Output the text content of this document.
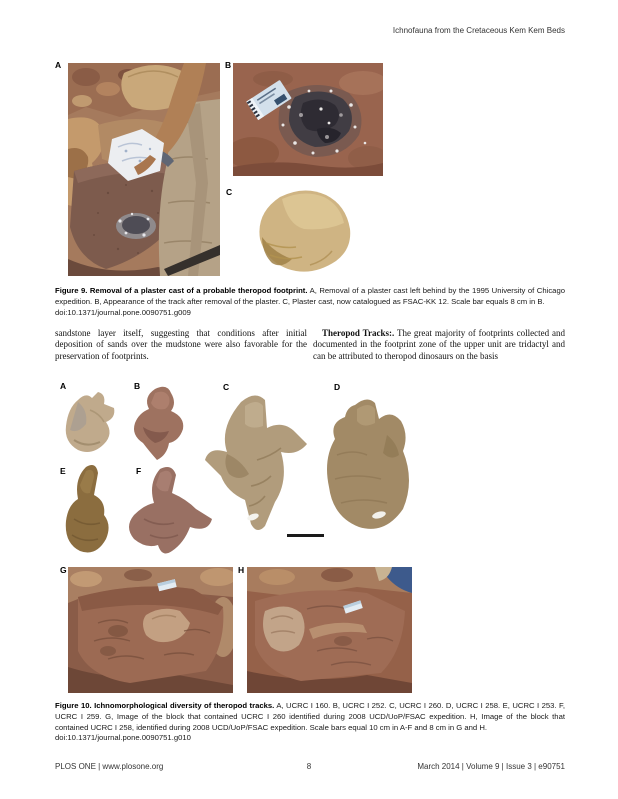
Ichnofauna from the Cretaceous Kem Kem Beds
A	B
C
Figure 9. Removal of a plaster cast of a probable theropod footprint. A, Removal of a plaster cast left behind by the 1995 University of Chicago expedition. B, Appearance of the track after removal of the plaster. C, Plaster cast, now catalogued as FSAC-KK 12. Scale bar equals 8 cm in B.
doi:10.1371/journal.pone.0090751.g009

sandstone layer itself, suggesting that conditions after initial deposition of sands over the mudstone were also favorable for the preservation of footprints.

Theropod Tracks:. The great majority of footprints collected and documented in the footprint zone of the upper unit are tridactyl and can be attributed to theropod dinosaurs on the basis

A	B	C	D
E	F
G	H
Figure 10. Ichnomorphological diversity of theropod tracks. A, UCRC I 160. B, UCRC I 252. C, UCRC I 260. D, UCRC I 258. E, UCRC I 253. F, UCRC I 259. G, Image of the block that contained UCRC I 260 identified during 2008 UCD/UoP/FSAC expedition. H, Image of the block that contained UCRC I 258, identified during 2008 UCD/UoP/FSAC expedition. Scale bars equal 10 cm in A-F and 8 cm in G and H.
doi:10.1371/journal.pone.0090751.g010
PLOS ONE | www.plosone.org	8	March 2014 | Volume 9 | Issue 3 | e90751
